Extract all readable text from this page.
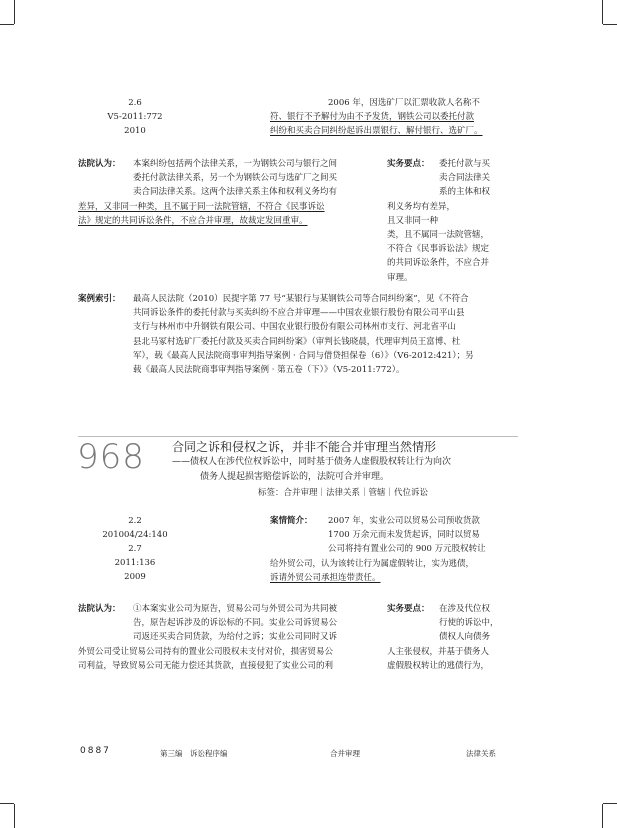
2.6
V5-2011:772
2010
2006 年，因选矿厂以汇票收款人名称不
符、银行不予解付为由不予发货，钢铁公司以委托付款
纠纷和买卖合同纠纷起诉出票银行、解付银行、选矿厂。
法院认为：	本案纠纷包括两个法律关系，一为钢铁公司与银行之间
委托付款法律关系，另一个为钢铁公司与选矿厂之间买
卖合同法律关系。这两个法律关系主体和权利义务均有
差异，又非同一种类，且不属于同一法院管辖，不符合《民事诉讼
法》规定的共同诉讼条件，不应合并审理，故裁定发回重审。
实务要点：	委托付款与买
卖合同法律关
系的主体和权
利义务均有差异，
且又非同一种
类，且不属同一法院管辖，
不符合《民事诉讼法》规定
的共同诉讼条件，不应合并
审理。
案例索引： 最高人民法院（2010）民提字第 77 号“某银行与某钢铁公司等合同纠纷案”，见《不符合
共同诉讼条件的委托付款与买卖纠纷不应合并审理——中国农业银行股份有限公司平山县
支行与林州市中升钢铁有限公司、中国农业银行股份有限公司林州市支行、河北省平山
县北马冢村选矿厂委托付款及买卖合同纠纷案》（审判长钱晓晨，代理审判员王富博、杜
军），载《最高人民法院商事审判指导案例 · 合同与借贷担保卷（6）》（V6-2012:421）；另
载《最高人民法院商事审判指导案例 · 第五卷（下）》（V5-2011:772）。
968 合同之诉和侵权之诉，并非不能合并审理当然情形
——债权人在涉代位权诉讼中，同时基于债务人虚假股权转让行为向次
债务人提起损害赔偿诉讼的，法院可合并审理。
标签：合并审理｜法律关系｜管辖｜代位诉讼
2.2
201004/24:140
2.7
2011:136
2009
案情简介：	2007 年，实业公司以贸易公司预收货款
1700 万余元而未发货起诉，同时以贸易
公司将持有置业公司的 900 万元股权转让
给外贸公司，认为该转让行为属虚假转让，实为逃债，
诉请外贸公司承担连带责任。
法院认为：	①本案实业公司为原告，贸易公司与外贸公司为共同被
告，原告起诉涉及的诉讼标的不同。实业公司诉贸易公
司返还买卖合同货款，为给付之诉；实业公司同时又诉
外贸公司受让贸易公司持有的置业公司股权未支付对价，损害贸易公
司利益，导致贸易公司无能力偿还其货款，直接侵犯了实业公司的利
实务要点：	在涉及代位权
行使的诉讼中，
债权人向债务
人主张侵权，并基于债务人
虚假股权转让的逃债行为，
0887	第三编　诉讼程序编	合并审理	法律关系
